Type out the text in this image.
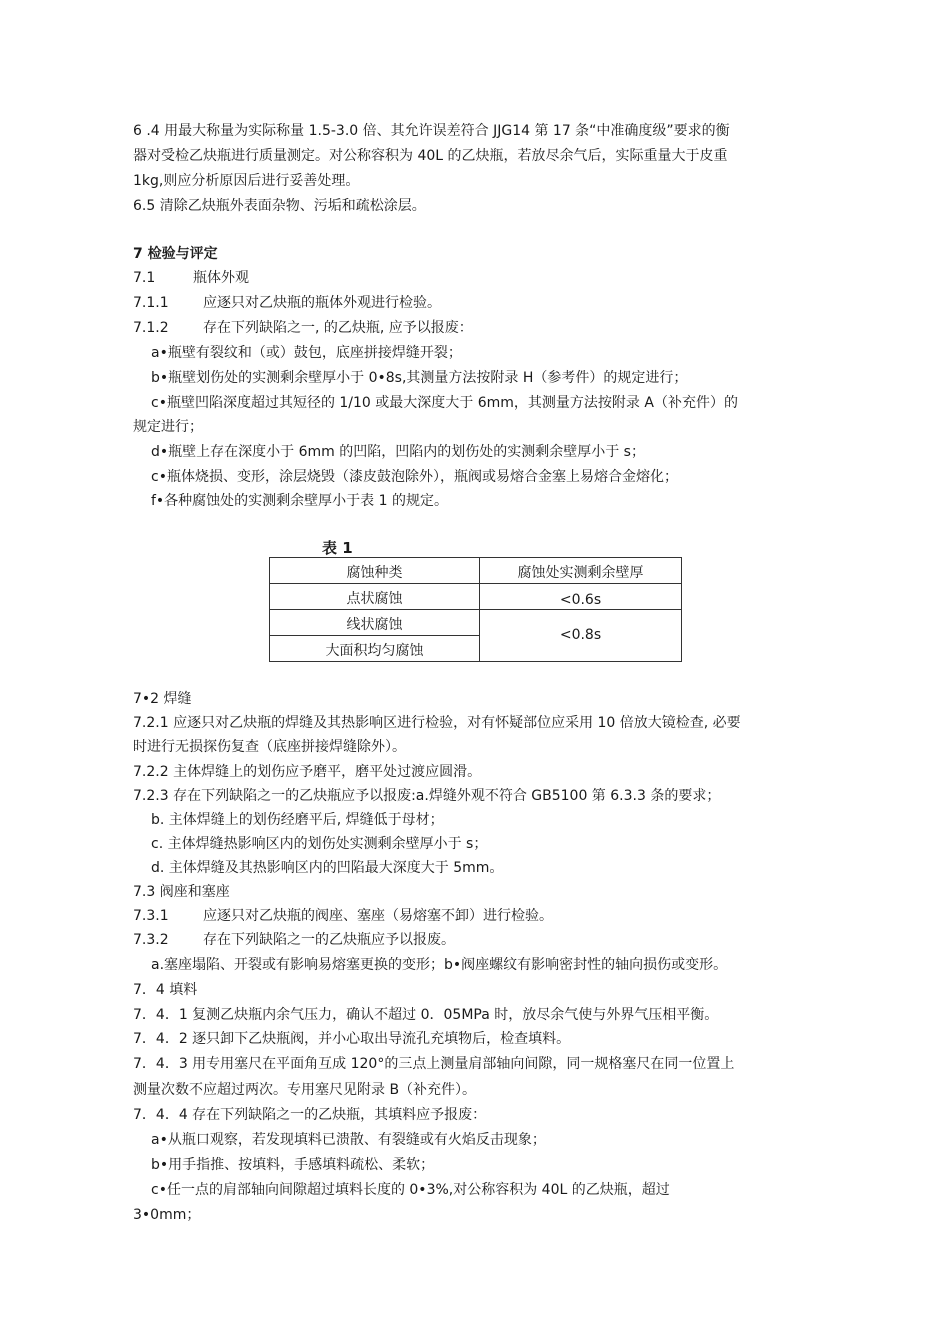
6 .4 用最大称量为实际称量 1.5-3.0 倍、其允许误差符合 JJG14 第 17 条“中准确度级”要求的衡
器对受检乙炔瓶进行质量测定。对公称容积为 40L 的乙炔瓶，若放尽余气后，实际重量大于皮重
1kg,则应分析原因后进行妥善处理。
6.5 清除乙炔瓶外表面杂物、污垢和疏松涂层。
7 检验与评定
7.1	瓶体外观
7.1.1 应逐只对乙炔瓶的瓶体外观进行检验。
7.1.2 存在下列缺陷之一, 的乙炔瓶, 应予以报废：
a•瓶壁有裂纹和（或）鼓包，底座拼接焊缝开裂；
b•瓶壁划伤处的实测剩余壁厚小于 0•8s,其测量方法按附录 H（参考件）的规定进行；
c•瓶壁凹陷深度超过其短径的 1/10 或最大深度大于 6mm，其测量方法按附录 A（补充件）的
规定进行；
d•瓶壁上存在深度小于 6mm 的凹陷，凹陷内的划伤处的实测剩余壁厚小于 s；
c•瓶体烧损、变形，涂层烧毁（漆皮鼓泡除外），瓶阀或易熔合金塞上易熔合金熔化；
f•各种腐蚀处的实测剩余壁厚小于表 1 的规定。
表 1
腐蚀种类	腐蚀处实测剩余壁厚
点状腐蚀	<0.6s
线状腐蚀	<0.8s
大面积均匀腐蚀	
7•2 焊缝
7.2.1 应逐只对乙炔瓶的焊缝及其热影响区进行检验，对有怀疑部位应采用 10 倍放大镜检查, 必要
时进行无损探伤复查（底座拼接焊缝除外）。
7.2.2 主体焊缝上的划伤应予磨平，磨平处过渡应圆滑。
7.2.3 存在下列缺陷之一的乙炔瓶应予以报废:a.焊缝外观不符合 GB5100 第 6.3.3 条的要求；
b. 主体焊缝上的划伤经磨平后, 焊缝低于母材；
c. 主体焊缝热影响区内的划伤处实测剩余壁厚小于 s；
d. 主体焊缝及其热影响区内的凹陷最大深度大于 5mm。
7.3 阀座和塞座
7.3.1 应逐只对乙炔瓶的阀座、塞座（易熔塞不卸）进行检验。
7.3.2 存在下列缺陷之一的乙炔瓶应予以报废。
a.塞座塌陷、开裂或有影响易熔塞更换的变形；b•阀座螺纹有影响密封性的轴向损伤或变形。
7．4 填料
7．4．1 复测乙炔瓶内余气压力，确认不超过 0．05MPa 时，放尽余气使与外界气压相平衡。
7．4．2 逐只卸下乙炔瓶阀，并小心取出导流孔充填物后，检查填料。
7．4．3 用专用塞尺在平面角互成 120°的三点上测量肩部轴向间隙，同一规格塞尺在同一位置上
测量次数不应超过两次。专用塞尺见附录 B（补充件）。
7．4．4 存在下列缺陷之一的乙炔瓶，其填料应予报废：
a•从瓶口观察，若发现填料已溃散、有裂缝或有火焰反击现象；
b•用手指推、按填料，手感填料疏松、柔软；
c•任一点的肩部轴向间隙超过填料长度的 0•3%,对公称容积为 40L 的乙炔瓶，超过
3•0mm；
